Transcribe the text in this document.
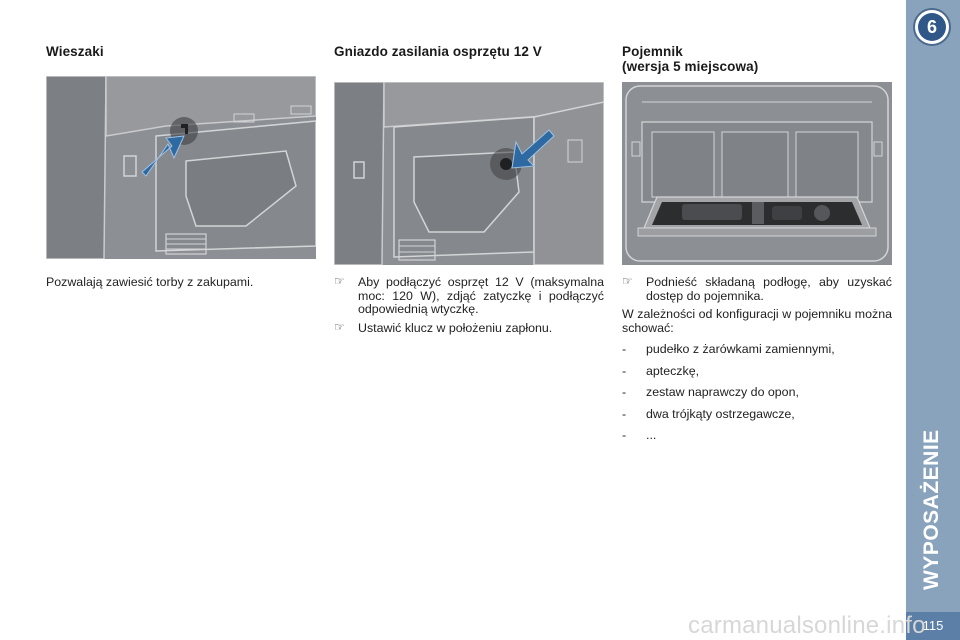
Wieszaki
Pozwalają zawiesić torby z zakupami.
Gniazdo zasilania osprzętu 12 V
☞ Aby podłączyć osprzęt 12 V (maksymalna moc: 120 W), zdjąć zatyczkę i podłączyć odpowiednią wtyczkę.
☞ Ustawić klucz w położeniu zapłonu.
Pojemnik
(wersja 5 miejscowa)
☞ Podnieść składaną podłogę, aby uzyskać dostęp do pojemnika.
W zależności od konfiguracji w pojemniku można schować:
- pudełko z żarówkami zamiennymi,
- apteczkę,
- zestaw naprawczy do opon,
- dwa trójkąty ostrzegawcze,
- ...
6
WYPOSAŻENIE
115
carmanualsonline.info
